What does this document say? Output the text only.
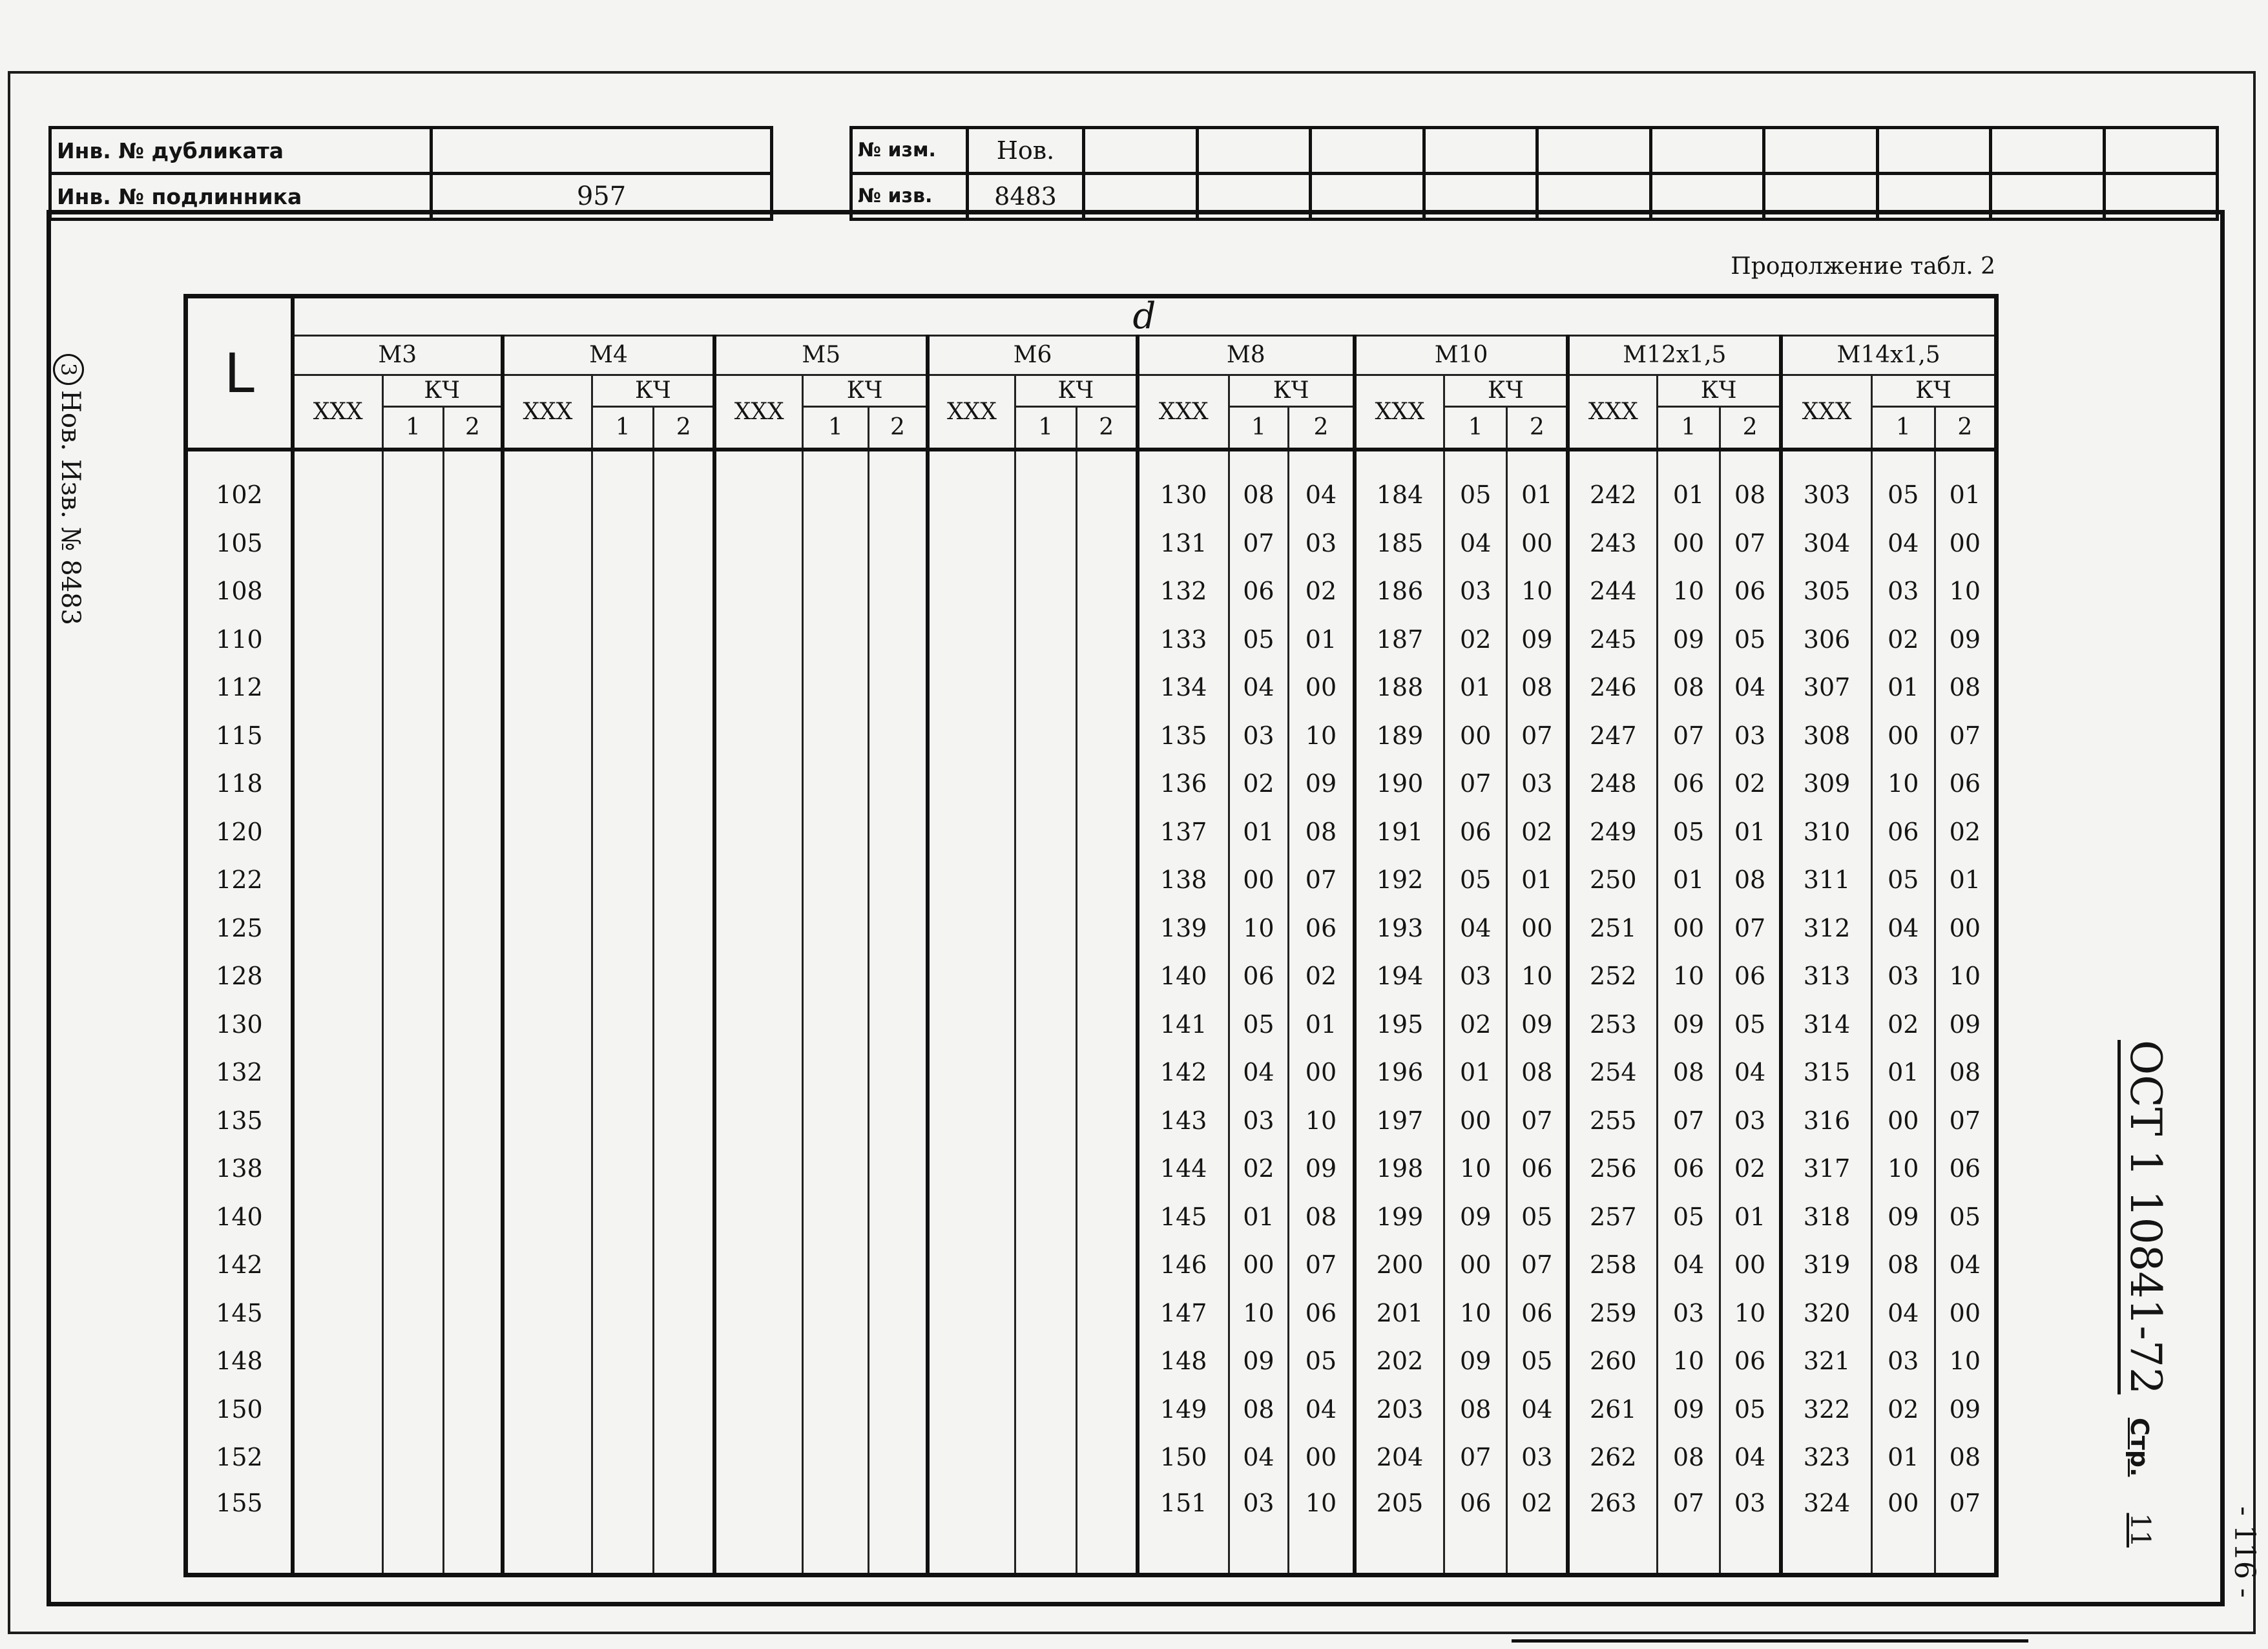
Инв. № дубликата	
Инв. № подлинника	957
№ изм.	Нов.										
№ изв.	8483										
Продолжение табл. 2
3Нов. Изв. № 8483
L	d																							
	М3			М4			М5			М6			М8			М10			М12х1,5			М14х1,5		
	ХХХ	КЧ		ХХХ	КЧ		ХХХ	КЧ		ХХХ	КЧ		ХХХ	КЧ		ХХХ	КЧ		ХХХ	КЧ		ХХХ	КЧ	
		1	2		1	2		1	2		1	2		1	2		1	2		1	2		1	2

102													130	08	04	184	05	01	242	01	08	303	05	01
105													131	07	03	185	04	00	243	00	07	304	04	00
108													132	06	02	186	03	10	244	10	06	305	03	10
110													133	05	01	187	02	09	245	09	05	306	02	09
112													134	04	00	188	01	08	246	08	04	307	01	08
115													135	03	10	189	00	07	247	07	03	308	00	07
118													136	02	09	190	07	03	248	06	02	309	10	06
120													137	01	08	191	06	02	249	05	01	310	06	02
122													138	00	07	192	05	01	250	01	08	311	05	01
125													139	10	06	193	04	00	251	00	07	312	04	00
128													140	06	02	194	03	10	252	10	06	313	03	10
130													141	05	01	195	02	09	253	09	05	314	02	09
132													142	04	00	196	01	08	254	08	04	315	01	08
135													143	03	10	197	00	07	255	07	03	316	00	07
138													144	02	09	198	10	06	256	06	02	317	10	06
140													145	01	08	199	09	05	257	05	01	318	09	05
142													146	00	07	200	00	07	258	04	00	319	08	04
145													147	10	06	201	10	06	259	03	10	320	04	00
148													148	09	05	202	09	05	260	10	06	321	03	10
150													149	08	04	203	08	04	261	09	05	322	02	09
152													150	04	00	204	07	03	262	08	04	323	01	08
155													151	03	10	205	06	02	263	07	03	324	00	07
ОСТ 1 10841-72Стр.11	- 116 -
